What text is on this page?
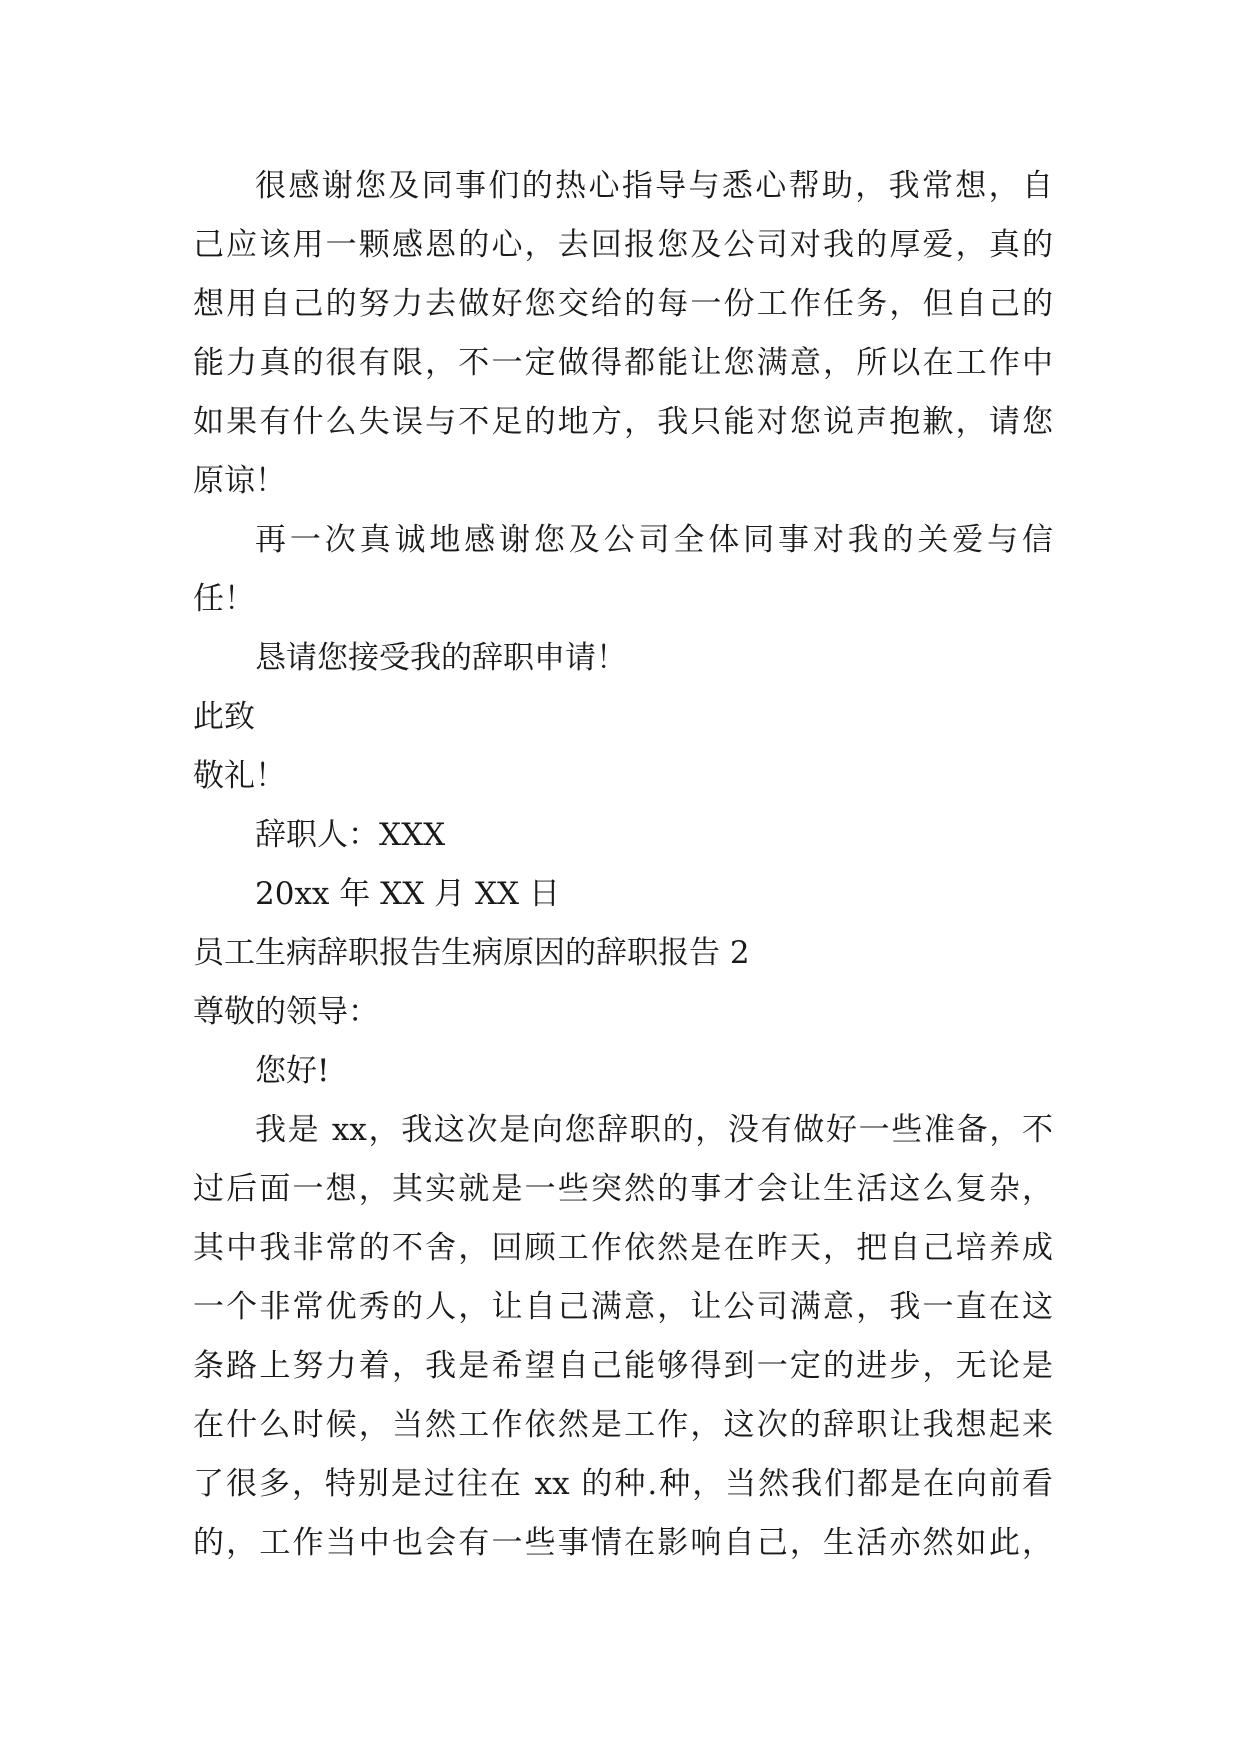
很感谢您及同事们的热心指导与悉心帮助，我常想，自
己应该用一颗感恩的心，去回报您及公司对我的厚爱，真的
想用自己的努力去做好您交给的每一份工作任务，但自己的
能力真的很有限，不一定做得都能让您满意，所以在工作中
如果有什么失误与不足的地方，我只能对您说声抱歉，请您
原谅！
再一次真诚地感谢您及公司全体同事对我的关爱与信
任！
恳请您接受我的辞职申请！
此致
敬礼！
辞职人：XXX
20xx 年 XX 月 XX 日
员工生病辞职报告生病原因的辞职报告 2
尊敬的领导：
您好!
我是 xx，我这次是向您辞职的，没有做好一些准备，不
过后面一想，其实就是一些突然的事才会让生活这么复杂，
其中我非常的不舍，回顾工作依然是在昨天，把自己培养成
一个非常优秀的人，让自己满意，让公司满意，我一直在这
条路上努力着，我是希望自己能够得到一定的进步，无论是
在什么时候，当然工作依然是工作，这次的辞职让我想起来
了很多，特别是过往在 xx 的种.种，当然我们都是在向前看
的，工作当中也会有一些事情在影响自己，生活亦然如此，
